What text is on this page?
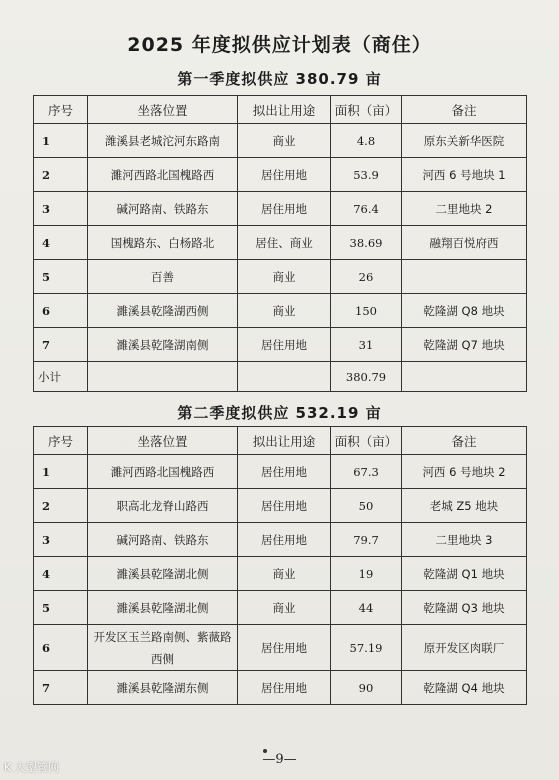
2025 年度拟供应计划表（商住）
第一季度拟供应 380.79 亩
序号	坐落位置	拟出让用途	面积（亩）	备注
1	潍溪县老城沱河东路南	商业	4.8	原东关新华医院
2	濉河西路北国槐路西	居住用地	53.9	河西 6 号地块 1
3	碱河路南、铁路东	居住用地	76.4	二里地块 2
4	国槐路东、白杨路北	居住、商业	38.69	融翔百悦府西
5	百善	商业	26	
6	濉溪县乾隆湖西侧	商业	150	乾隆湖 Q8 地块
7	濉溪县乾隆湖南侧	居住用地	31	乾隆湖 Q7 地块
小计			380.79	
第二季度拟供应 532.19 亩
序号	坐落位置	拟出让用途	面积（亩）	备注
1	濉河西路北国槐路西	居住用地	67.3	河西 6 号地块 2
2	职高北龙脊山路西	居住用地	50	老城 Z5 地块
3	碱河路南、铁路东	居住用地	79.7	二里地块 3
4	濉溪县乾隆湖北侧	商业	19	乾隆湖 Q1 地块
5	濉溪县乾隆湖北侧	商业	44	乾隆湖 Q3 地块
6	开发区玉兰路南侧、紫薇路西侧	居住用地	57.19	原开发区肉联厂
7	濉溪县乾隆湖东侧	居住用地	90	乾隆湖 Q4 地块
—9—
K 大型管网
